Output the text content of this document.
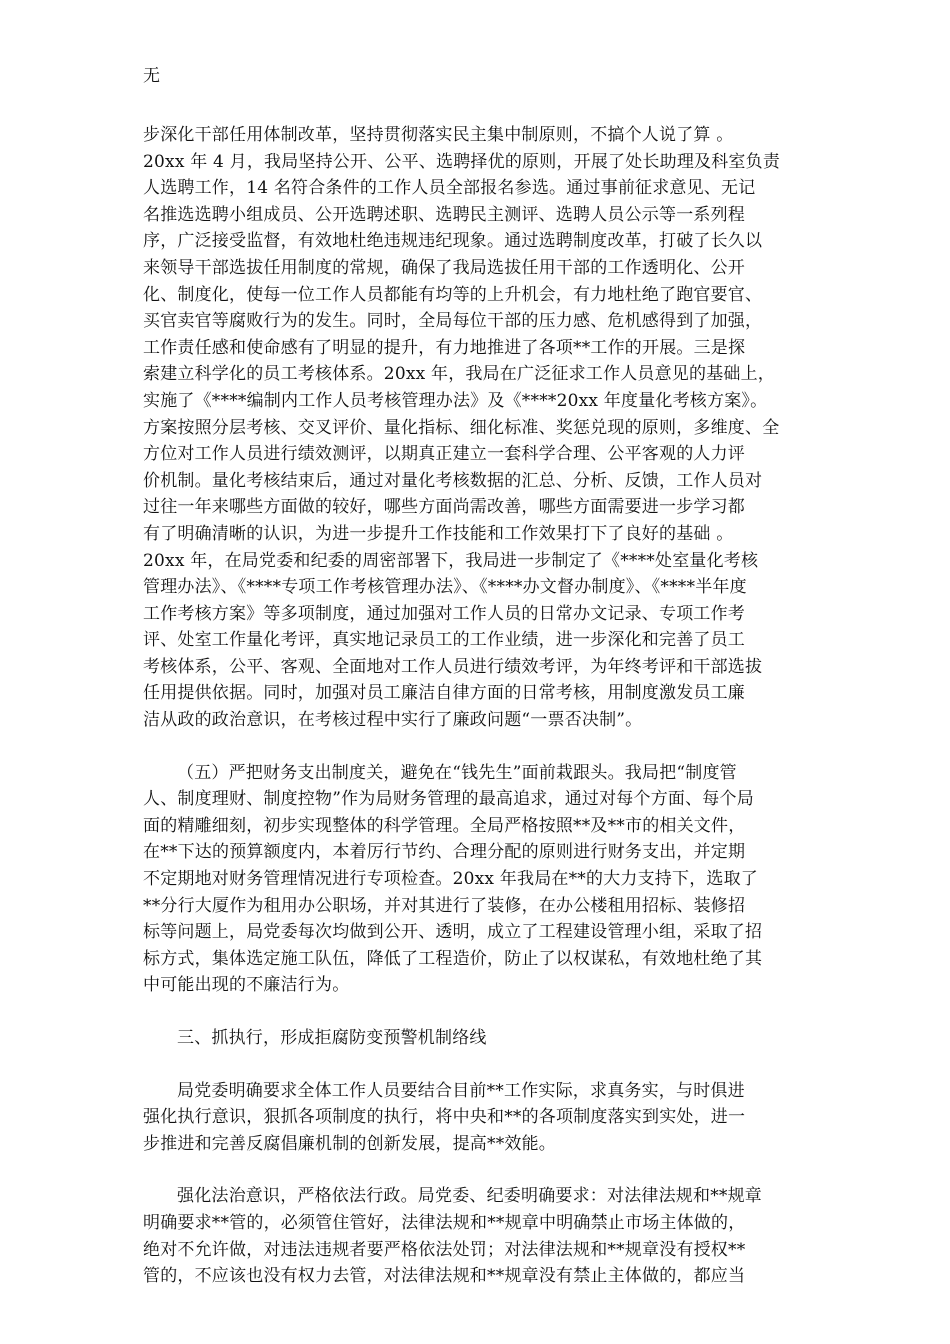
无
步深化干部任用体制改革，坚持贯彻落实民主集中制原则，不搞个人说了算 。
20xx 年 4 月，我局坚持公开、公平、选聘择优的原则，开展了处长助理及科室负责
人选聘工作，14 名符合条件的工作人员全部报名参选。通过事前征求意见、无记
名推选选聘小组成员、公开选聘述职、选聘民主测评、选聘人员公示等一系列程
序，广泛接受监督，有效地杜绝违规违纪现象。通过选聘制度改革，打破了长久以
来领导干部选拔任用制度的常规，确保了我局选拔任用干部的工作透明化、公开
化、制度化，使每一位工作人员都能有均等的上升机会，有力地杜绝了跑官要官、
买官卖官等腐败行为的发生。同时，全局每位干部的压力感、危机感得到了加强，
工作责任感和使命感有了明显的提升，有力地推进了各项**工作的开展。三是探
索建立科学化的员工考核体系。20xx 年，我局在广泛征求工作人员意见的基础上，
实施了《****编制内工作人员考核管理办法》及《****20xx 年度量化考核方案》。
方案按照分层考核、交叉评价、量化指标、细化标准、奖惩兑现的原则，多维度、全
方位对工作人员进行绩效测评，以期真正建立一套科学合理、公平客观的人力评
价机制。量化考核结束后，通过对量化考核数据的汇总、分析、反馈，工作人员对
过往一年来哪些方面做的较好，哪些方面尚需改善，哪些方面需要进一步学习都
有了明确清晰的认识，为进一步提升工作技能和工作效果打下了良好的基础 。
20xx 年，在局党委和纪委的周密部署下，我局进一步制定了《****处室量化考核
管理办法》、《****专项工作考核管理办法》、《****办文督办制度》、《****半年度
工作考核方案》等多项制度，通过加强对工作人员的日常办文记录、专项工作考
评、处室工作量化考评，真实地记录员工的工作业绩，进一步深化和完善了员工
考核体系，公平、客观、全面地对工作人员进行绩效考评，为年终考评和干部选拔
任用提供依据。同时，加强对员工廉洁自律方面的日常考核，用制度激发员工廉
洁从政的政治意识，在考核过程中实行了廉政问题“一票否决制”。
（五）严把财务支出制度关，避免在“钱先生”面前栽跟头。我局把“制度管
人、制度理财、制度控物”作为局财务管理的最高追求，通过对每个方面、每个局
面的精雕细刻，初步实现整体的科学管理。全局严格按照**及**市的相关文件，
在**下达的预算额度内，本着厉行节约、合理分配的原则进行财务支出，并定期
不定期地对财务管理情况进行专项检查。20xx 年我局在**的大力支持下，选取了
**分行大厦作为租用办公职场，并对其进行了装修，在办公楼租用招标、装修招
标等问题上，局党委每次均做到公开、透明，成立了工程建设管理小组，采取了招
标方式，集体选定施工队伍，降低了工程造价，防止了以权谋私，有效地杜绝了其
中可能出现的不廉洁行为。
三、抓执行，形成拒腐防变预警机制络线
局党委明确要求全体工作人员要结合目前**工作实际，求真务实，与时俱进
强化执行意识，狠抓各项制度的执行，将中央和**的各项制度落实到实处，进一
步推进和完善反腐倡廉机制的创新发展，提高**效能。
强化法治意识，严格依法行政。局党委、纪委明确要求：对法律法规和**规章
明确要求**管的，必须管住管好，法律法规和**规章中明确禁止市场主体做的，
绝对不允许做，对违法违规者要严格依法处罚；对法律法规和**规章没有授权**
管的，不应该也没有权力去管，对法律法规和**规章没有禁止主体做的，都应当
